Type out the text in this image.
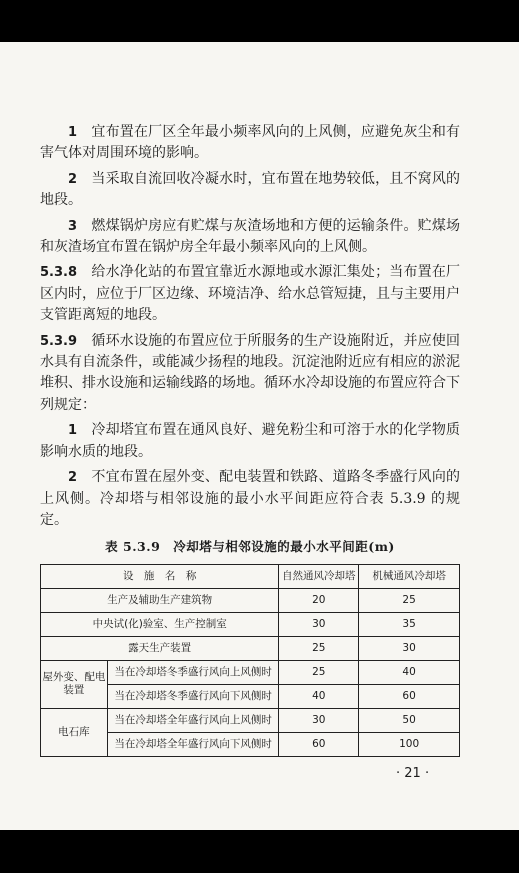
1　 宜布置在厂区全年最小频率风向的上风侧，应避免灰尘和有害气体对周围环境的影响。

2　 当采取自流回收冷凝水时，宜布置在地势较低，且不窝风的地段。

3　 燃煤锅炉房应有贮煤与灰渣场地和方便的运输条件。贮煤场和灰渣场宜布置在锅炉房全年最小频率风向的上风侧。

5.3.8　 给水净化站的布置宜靠近水源地或水源汇集处；当布置在厂区内时，应位于厂区边缘、环境洁净、给水总管短捷，且与主要用户支管距离短的地段。

5.3.9　 循环水设施的布置应位于所服务的生产设施附近，并应使回水具有自流条件，或能减少扬程的地段。沉淀池附近应有相应的淤泥堆积、排水设施和运输线路的场地。循环水冷却设施的布置应符合下列规定：

1　 冷却塔宜布置在通风良好、避免粉尘和可溶于水的化学物质影响水质的地段。

2　 不宜布置在屋外变、配电装置和铁路、道路冬季盛行风向的上风侧。冷却塔与相邻设施的最小水平间距应符合表 5.3.9 的规定。

表 5.3.9　冷却塔与相邻设施的最小水平间距(m)
设　施　名　称		自然通风冷却塔	机械通风冷却塔
生产及辅助生产建筑物		20	25
中央试(化)验室、生产控制室		30	35
露天生产装置		25	30
屋外变、配电装置	当在冷却塔冬季盛行风向上风侧时	25	40
	当在冷却塔冬季盛行风向下风侧时	40	60
电石库	当在冷却塔全年盛行风向上风侧时	30	50
	当在冷却塔全年盛行风向下风侧时	60	100
· 21 ·
